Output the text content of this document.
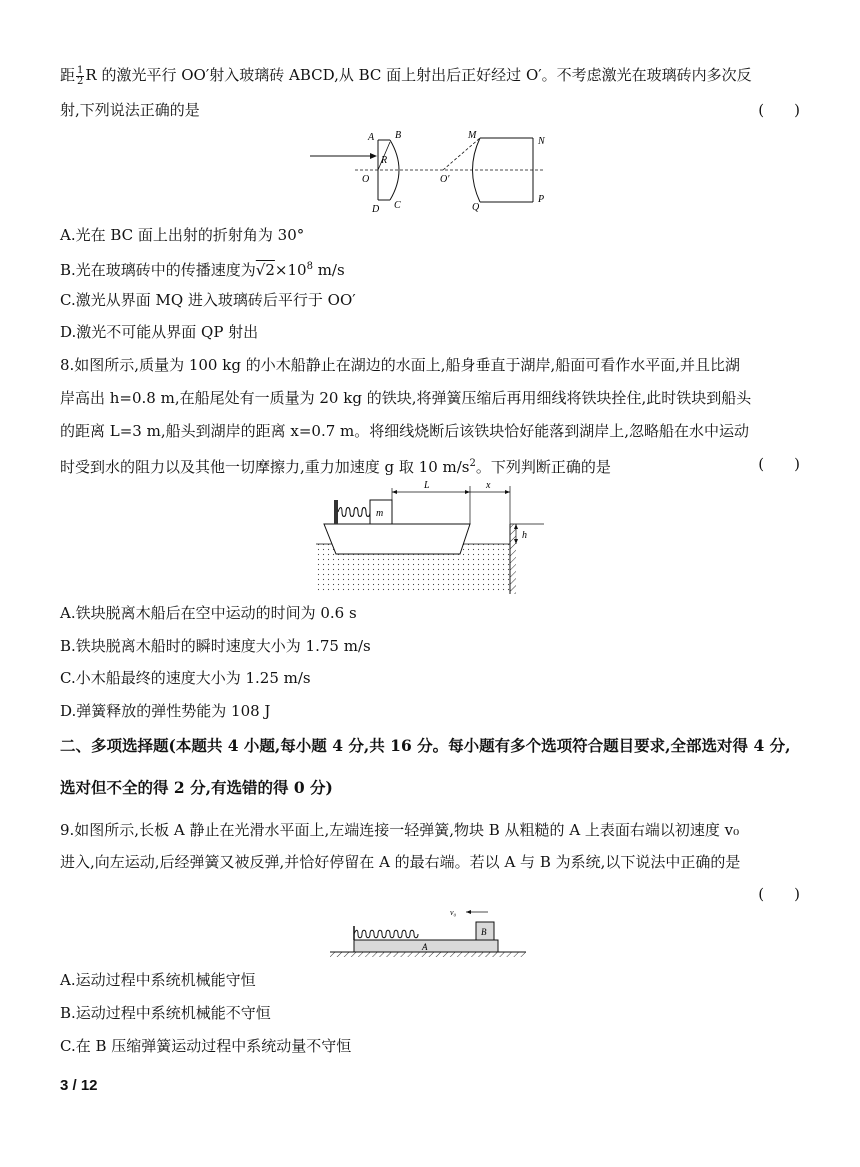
距 $\frac{1}{2}$ R 的激光平行 OO′射入玻璃砖 ABCD,从 BC 面上射出后正好经过 O′。不考虑激光在玻璃砖内多次反
射,下列说法正确的是	(　　)
A B
R
O
D C
M
N
O′
Q
P
A.光在 BC 面上出射的折射角为 30°
B.光在玻璃砖中的传播速度为$√2\times 10^8$ m/s
C.激光从界面 MQ 进入玻璃砖后平行于 OO′
D.激光不可能从界面 QP 射出
8.如图所示,质量为 100 kg 的小木船静止在湖边的水面上,船身垂直于湖岸,船面可看作水平面,并且比湖
岸高出 h=0.8 m,在船尾处有一质量为 20 kg 的铁块,将弹簧压缩后再用细线将铁块拴住,此时铁块到船头
的距离 L=3 m,船头到湖岸的距离 x=0.7 m。将细线烧断后该铁块恰好能落到湖岸上,忽略船在水中运动
时受到水的阻力以及其他一切摩擦力,重力加速度 g 取 10 $m/s^2$。下列判断正确的是	(　　)
m
L	x
h
A.铁块脱离木船后在空中运动的时间为 0.6 s
B.铁块脱离木船时的瞬时速度大小为 1.75 m/s
C.小木船最终的速度大小为 1.25 m/s
D.弹簧释放的弹性势能为 108 J
二、多项选择题(本题共 4 小题,每小题 4 分,共 16 分。每小题有多个选项符合题目要求,全部选对得 4 分,
选对但不全的得 2 分,有选错的得 0 分)
9.如图所示,长板 A 静止在光滑水平面上,左端连接一轻弹簧,物块 B 从粗糙的 A 上表面右端以初速度 v₀
进入,向左运动,后经弹簧又被反弹,并恰好停留在 A 的最右端。若以 A 与 B 为系统,以下说法中正确的是
(　　)
A
B
v₀
A.运动过程中系统机械能守恒
B.运动过程中系统机械能不守恒
C.在 B 压缩弹簧运动过程中系统动量不守恒
3 / 12
